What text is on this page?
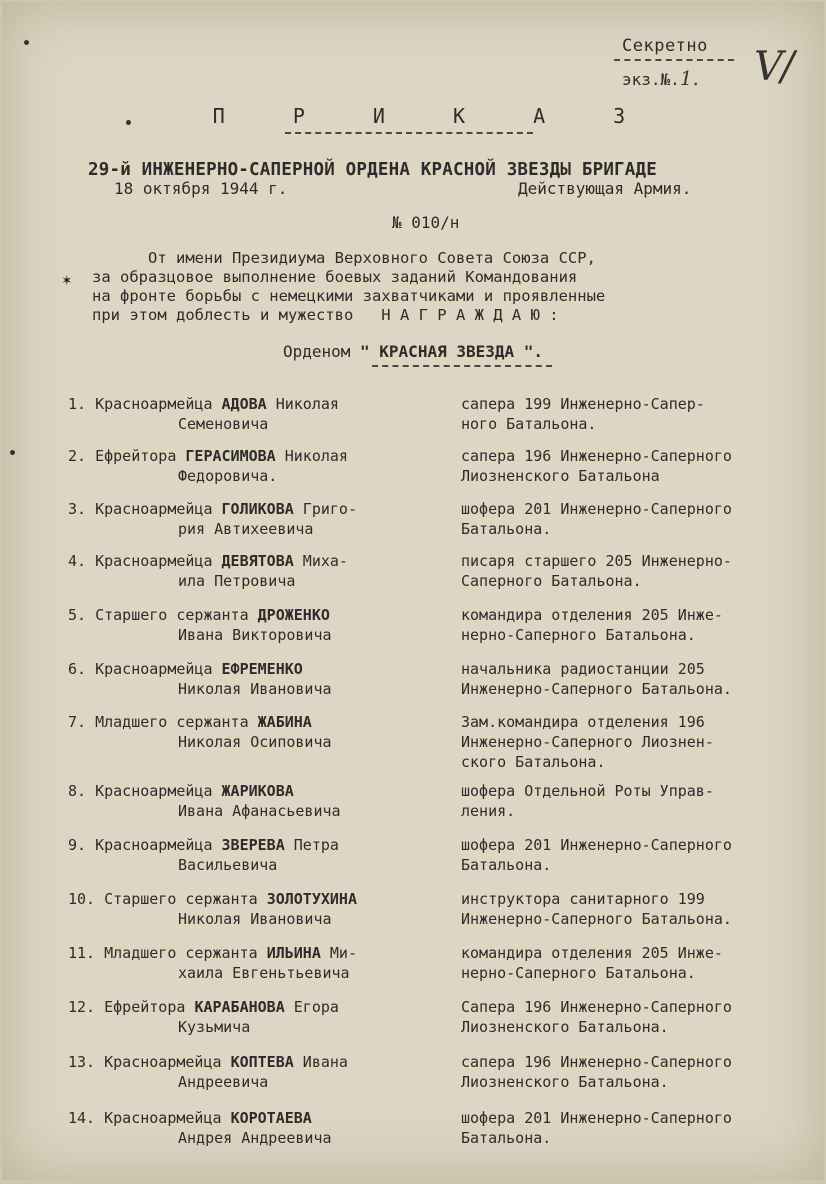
Секретно
экз.№.1. V/
П Р И К А З
29-й ИНЖЕНЕРНО-САПЕРНОЙ ОРДЕНА КРАСНОЙ ЗВЕЗДЫ БРИГАДЕ
18 октября 1944 г.	Действующая Армия.
№ 010/н
✶
От имени Президиума Верховного Совета Союза ССР,
за образцовое выполнение боевых заданий Командования
на фронте борьбы с немецкими захватчиками и проявленные
при этом доблесть и мужество   Н А Г Р А Ж Д А Ю :
Орденом " КРАСНАЯ ЗВЕЗДА ".
1. Красноармейца АДОВА Николая
Семеновича
сапера 199 Инженерно-Сапер-
ного Батальона.
2. Ефрейтора ГЕРАСИМОВА Николая
Федоровича.
сапера 196 Инженерно-Саперного
Лиозненского Батальона
3. Красноармейца ГОЛИКОВА Григо-
рия Автихеевича
шофера 201 Инженерно-Саперного
Батальона.
4. Красноармейца ДЕВЯТОВА Миха-
ила Петровича
писаря старшего 205 Инженерно-
Саперного Батальона.
5. Старшего сержанта ДРОЖЕНКО
Ивана Викторовича
командира отделения 205 Инже-
нерно-Саперного Батальона.
6. Красноармейца ЕФРЕМЕНКО
Николая Ивановича
начальника радиостанции 205
Инженерно-Саперного Батальона.
7. Младшего сержанта ЖАБИНА
Николая Осиповича
Зам.командира отделения 196
Инженерно-Саперного Лиознен-
ского Батальона.
8. Красноармейца ЖАРИКОВА
Ивана Афанасьевича
шофера Отдельной Роты Управ-
ления.
9. Красноармейца ЗВЕРЕВА Петра
Васильевича
шофера 201 Инженерно-Саперного
Батальона.
10. Старшего сержанта ЗОЛОТУХИНА
Николая Ивановича
инструктора санитарного 199
Инженерно-Саперного Батальона.
11. Младшего сержанта ИЛЬИНА Ми-
хаила Евгеньтьевича
командира отделения 205 Инже-
нерно-Саперного Батальона.
12. Ефрейтора КАРАБАНОВА Егора
Кузьмича
Сапера 196 Инженерно-Саперного
Лиозненского Батальона.
13. Красноармейца КОПТЕВА Ивана
Андреевича
сапера 196 Инженерно-Саперного
Лиозненского Батальона.
14. Красноармейца КОРОТАЕВА
Андрея Андреевича
шофера 201 Инженерно-Саперного
Батальона.
